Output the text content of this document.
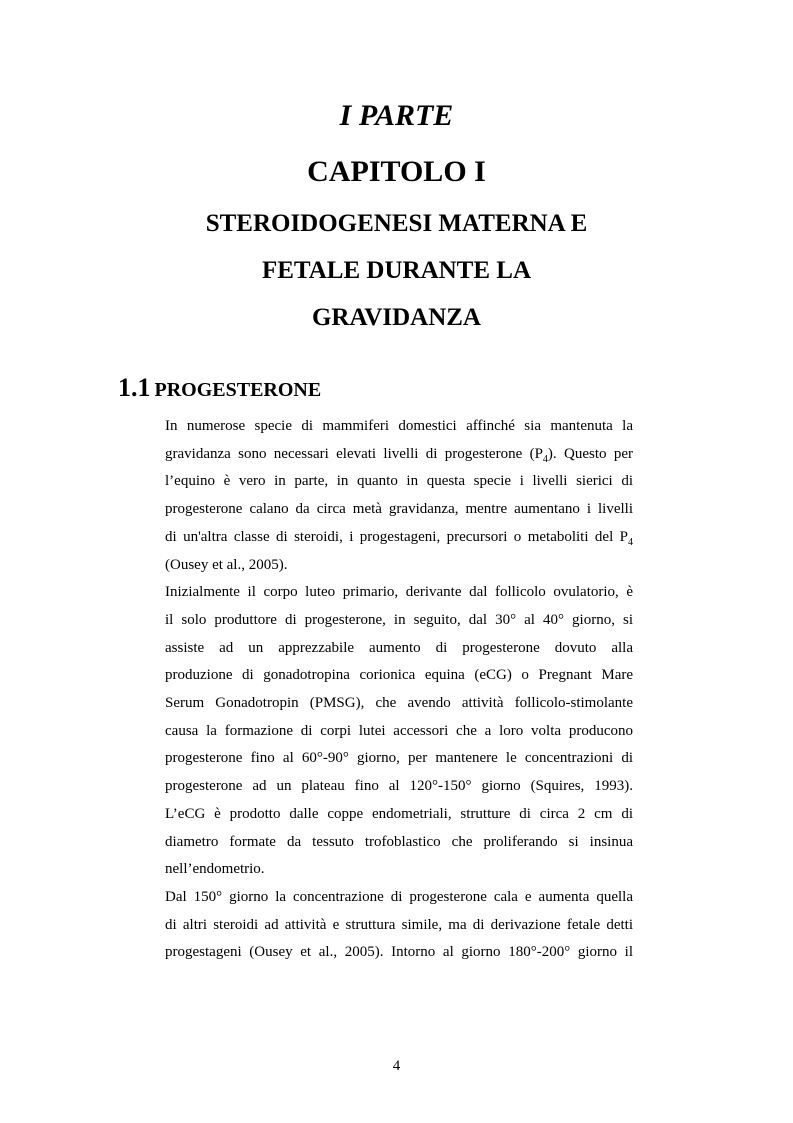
I PARTE
CAPITOLO I
STEROIDOGENESI MATERNA E
FETALE DURANTE LA
GRAVIDANZA
1.1 PROGESTERONE

In numerose specie di mammiferi domestici affinché sia mantenuta la
gravidanza sono necessari elevati livelli di progesterone $(P_4)$. Questo per
l’equino è vero in parte, in quanto in questa specie i livelli sierici di
progesterone calano da circa metà gravidanza, mentre aumentano i livelli
di un'altra classe di steroidi, i progestageni, precursori o metaboliti del $P_4$
(Ousey et al., 2005).

Inizialmente il corpo luteo primario, derivante dal follicolo ovulatorio, è
il solo produttore di progesterone, in seguito, dal 30° al 40° giorno, si
assiste ad un apprezzabile aumento di progesterone dovuto alla
produzione di gonadotropina corionica equina (eCG) o Pregnant Mare
Serum Gonadotropin (PMSG), che avendo attività follicolo-stimolante
causa la formazione di corpi lutei accessori che a loro volta producono
progesterone fino al 60°-90° giorno, per mantenere le concentrazioni di
progesterone ad un plateau fino al 120°-150° giorno (Squires, 1993).
L’eCG è prodotto dalle coppe endometriali, strutture di circa 2 cm di
diametro formate da tessuto trofoblastico che proliferando si insinua
nell’endometrio.

Dal 150° giorno la concentrazione di progesterone cala e aumenta quella
di altri steroidi ad attività e struttura simile, ma di derivazione fetale detti
progestageni (Ousey et al., 2005). Intorno al giorno 180°-200° giorno il

4
